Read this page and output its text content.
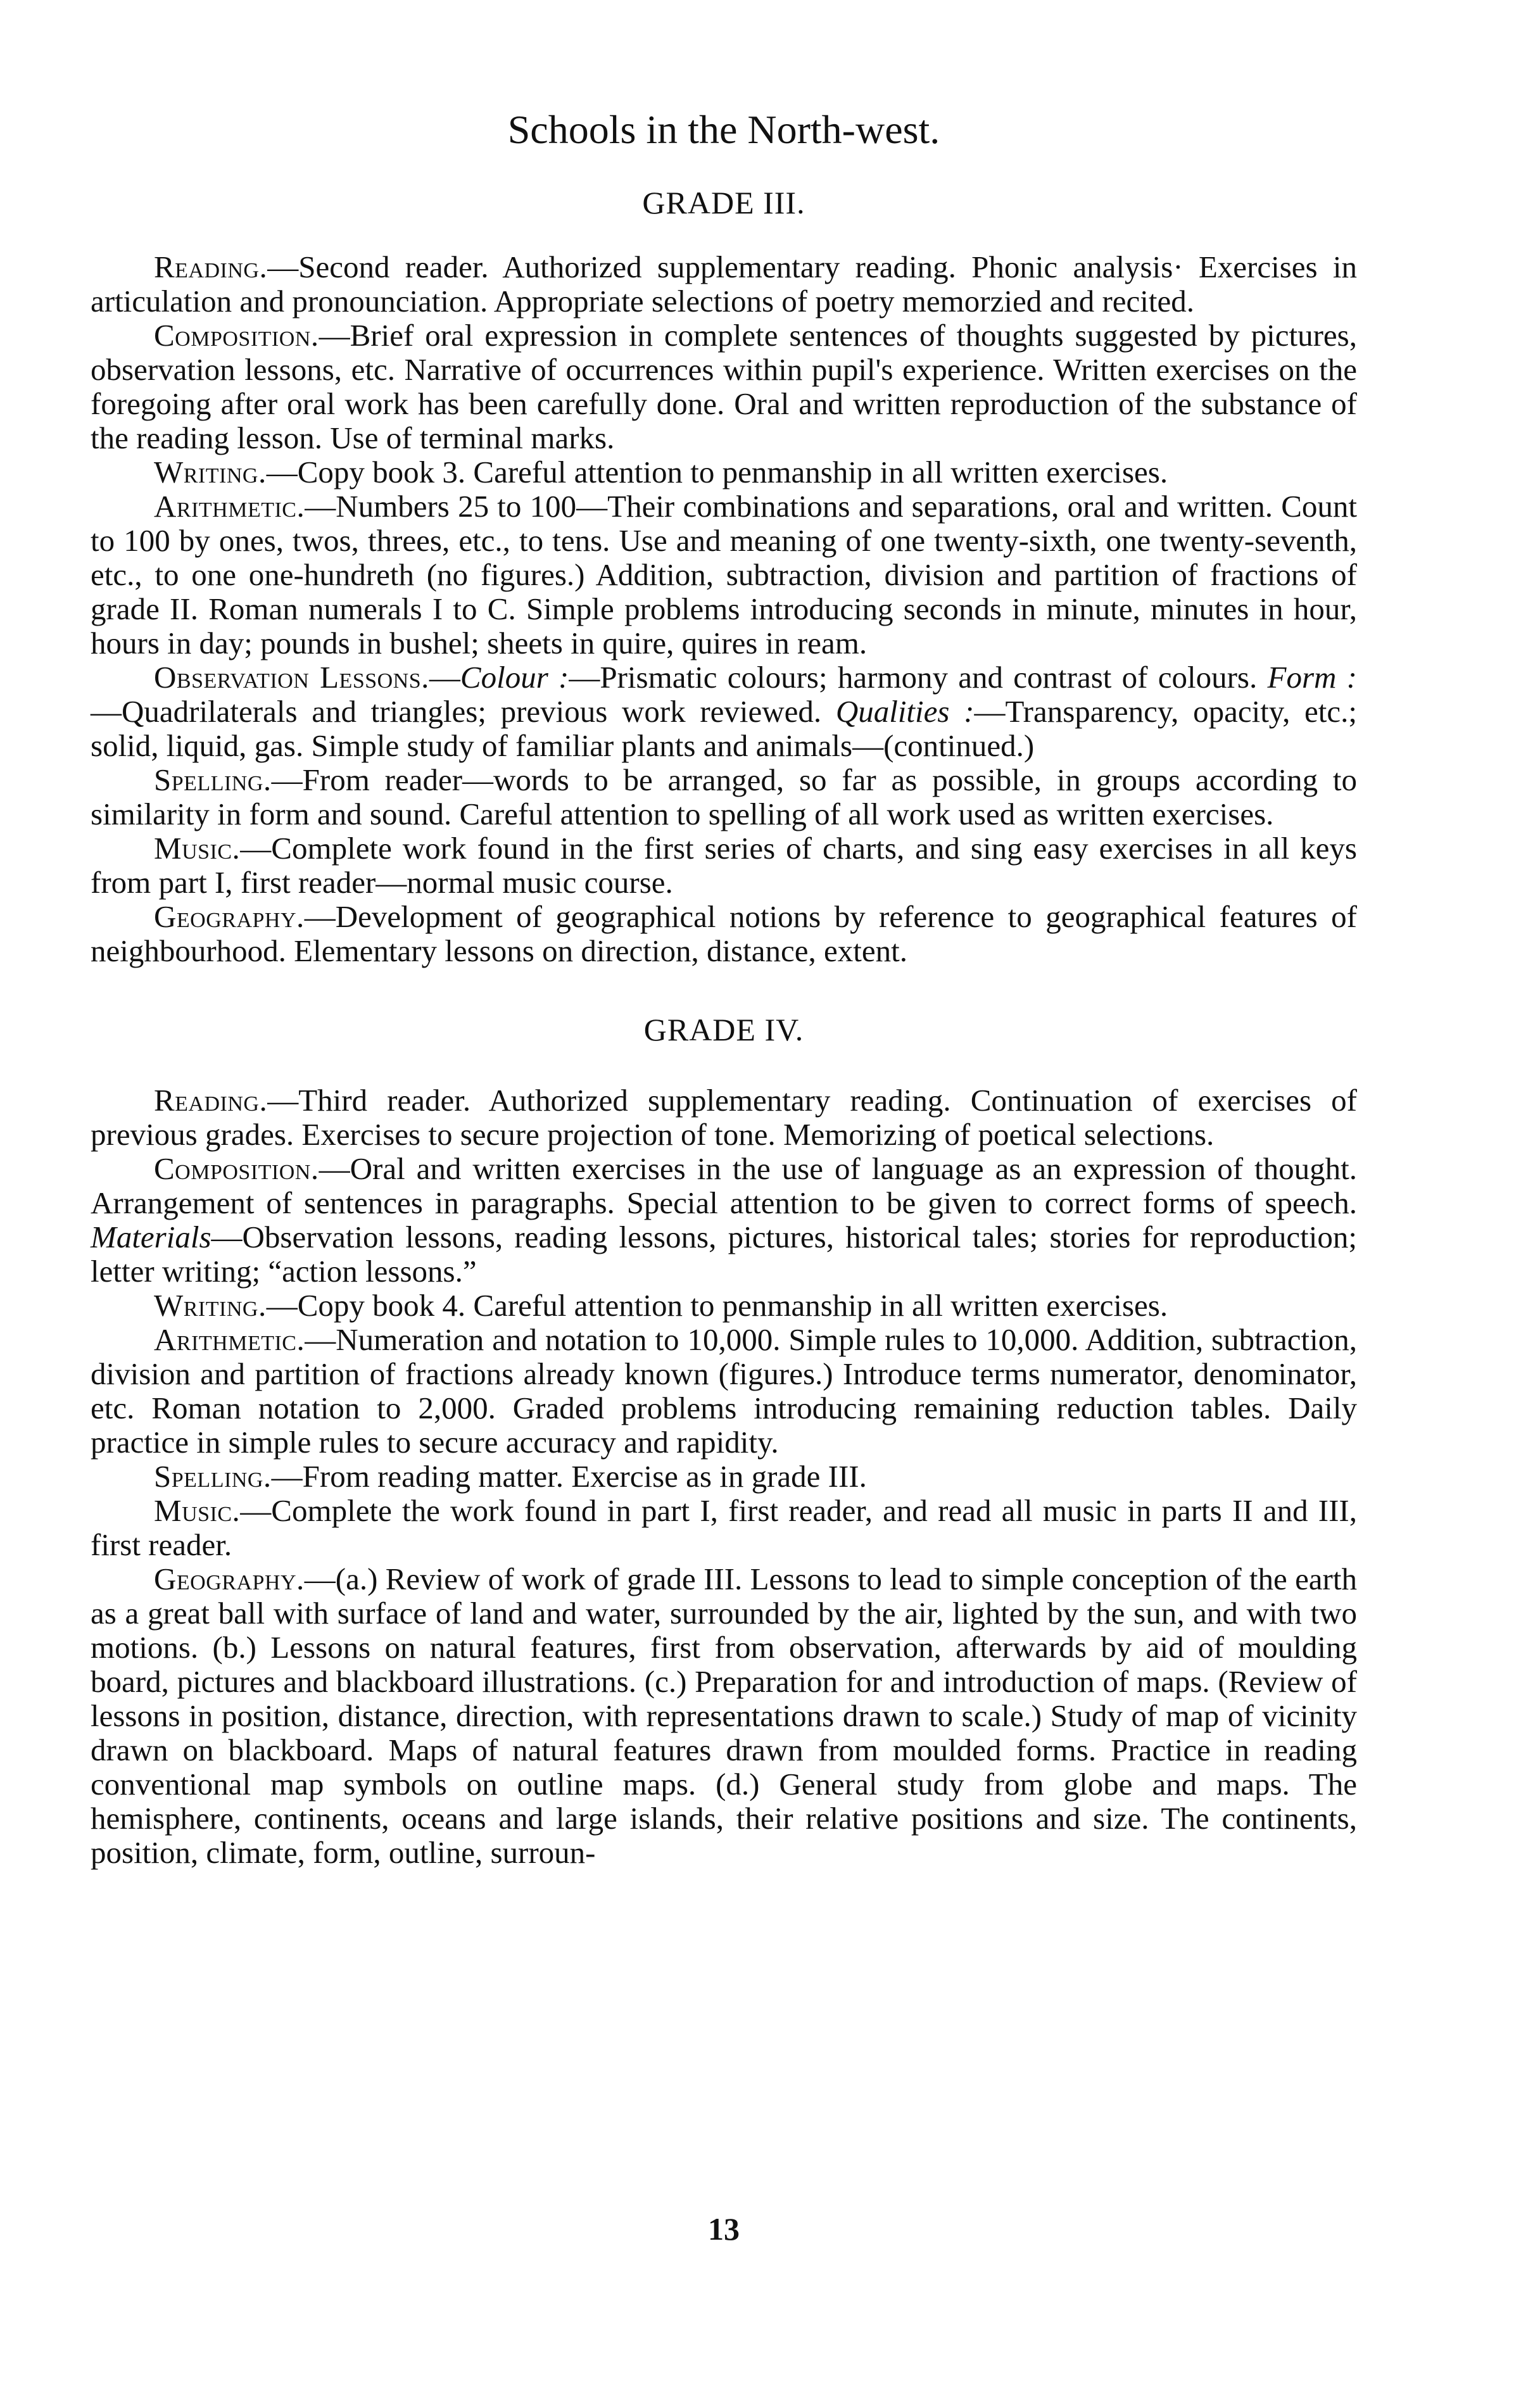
Schools in the North-west.
GRADE III.

Reading.—Second reader. Authorized supplementary reading. Phonic analysis· Exercises in articulation and pronounciation. Appropriate selections of poetry memorzied and recited.

Composition.—Brief oral expression in complete sentences of thoughts suggested by pictures, observation lessons, etc. Narrative of occurrences within pupil's experience. Written exercises on the foregoing after oral work has been carefully done. Oral and written reproduction of the substance of the reading lesson. Use of terminal marks.

Writing.—Copy book 3. Careful attention to penmanship in all written exercises.

Arithmetic.—Numbers 25 to 100—Their combinations and separations, oral and written. Count to 100 by ones, twos, threes, etc., to tens. Use and meaning of one twenty-sixth, one twenty-seventh, etc., to one one-hundreth (no figures.) Addition, subtraction, division and partition of fractions of grade II. Roman numerals I to C. Simple problems introducing seconds in minute, minutes in hour, hours in day; pounds in bushel; sheets in quire, quires in ream.

Observation Lessons.—Colour :—Prismatic colours; harmony and contrast of colours. Form :—Quadrilaterals and triangles; previous work reviewed. Qualities :—Transparency, opacity, etc.; solid, liquid, gas. Simple study of familiar plants and animals—(continued.)

Spelling.—From reader—words to be arranged, so far as possible, in groups according to similarity in form and sound. Careful attention to spelling of all work used as written exercises.

Music.—Complete work found in the first series of charts, and sing easy exercises in all keys from part I, first reader—normal music course.

Geography.—Development of geographical notions by reference to geographical features of neighbourhood. Elementary lessons on direction, distance, extent.

GRADE IV.

Reading.—Third reader. Authorized supplementary reading. Continuation of exercises of previous grades. Exercises to secure projection of tone. Memorizing of poetical selections.

Composition.—Oral and written exercises in the use of language as an expression of thought. Arrangement of sentences in paragraphs. Special attention to be given to correct forms of speech. Materials—Observation lessons, reading lessons, pictures, historical tales; stories for reproduction; letter writing; “action lessons.”

Writing.—Copy book 4. Careful attention to penmanship in all written exercises.

Arithmetic.—Numeration and notation to 10,000. Simple rules to 10,000. Addition, subtraction, division and partition of fractions already known (figures.) Introduce terms numerator, denominator, etc. Roman notation to 2,000. Graded problems introducing remaining reduction tables. Daily practice in simple rules to secure accuracy and rapidity.

Spelling.—From reading matter. Exercise as in grade III.

Music.—Complete the work found in part I, first reader, and read all music in parts II and III, first reader.

Geography.—(a.) Review of work of grade III. Lessons to lead to simple conception of the earth as a great ball with surface of land and water, surrounded by the air, lighted by the sun, and with two motions. (b.) Lessons on natural features, first from observation, afterwards by aid of moulding board, pictures and blackboard illustrations. (c.) Preparation for and introduction of maps. (Review of lessons in position, distance, direction, with representations drawn to scale.) Study of map of vicinity drawn on blackboard. Maps of natural features drawn from moulded forms. Practice in reading conventional map symbols on outline maps. (d.) General study from globe and maps. The hemisphere, continents, oceans and large islands, their relative positions and size. The continents, position, climate, form, outline, surroun-

13
